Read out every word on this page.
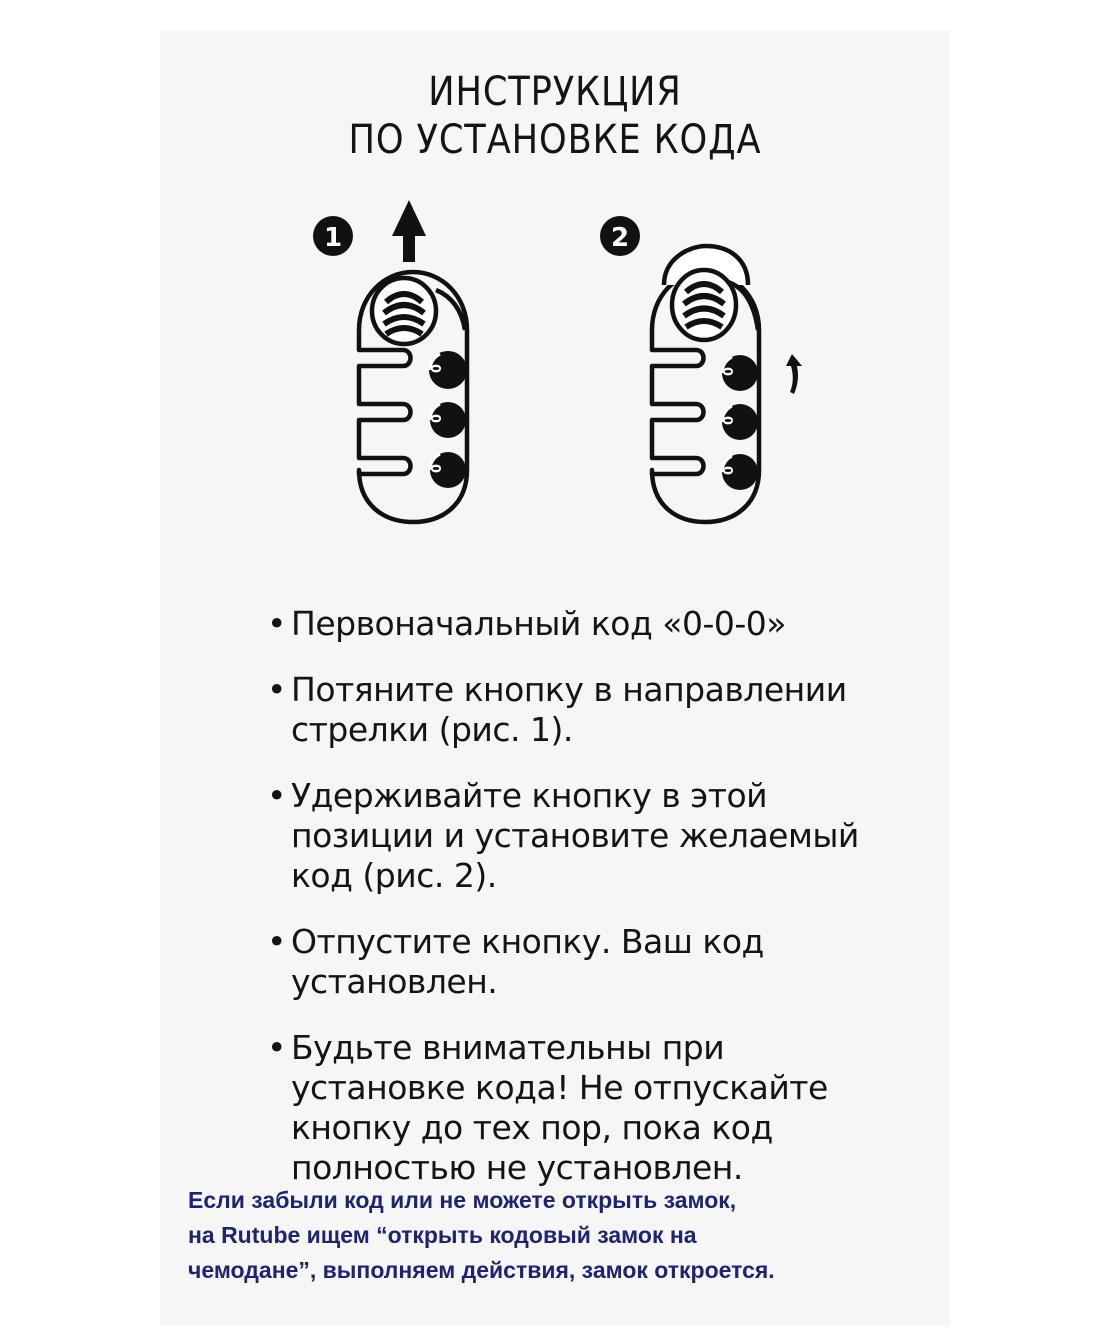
ИНСТРУКЦИЯ
ПО УСТАНОВКЕ КОДА
1
0
0
0
2
0
0
0
• Первоначальный код «0-0-0»
• Потяните кнопку в направлении
стрелки (рис. 1).
• Удерживайте кнопку в этой
позиции и установите желаемый
код (рис. 2).
• Отпустите кнопку. Ваш код
установлен.
• Будьте внимательны при
установке кода! Не отпускайте
кнопку до тех пор, пока код
полностью не установлен.

Если забыли код или не можете открыть замок,
на Rutube ищем “открыть кодовый замок на
чемодане”, выполняем действия, замок откроется.
